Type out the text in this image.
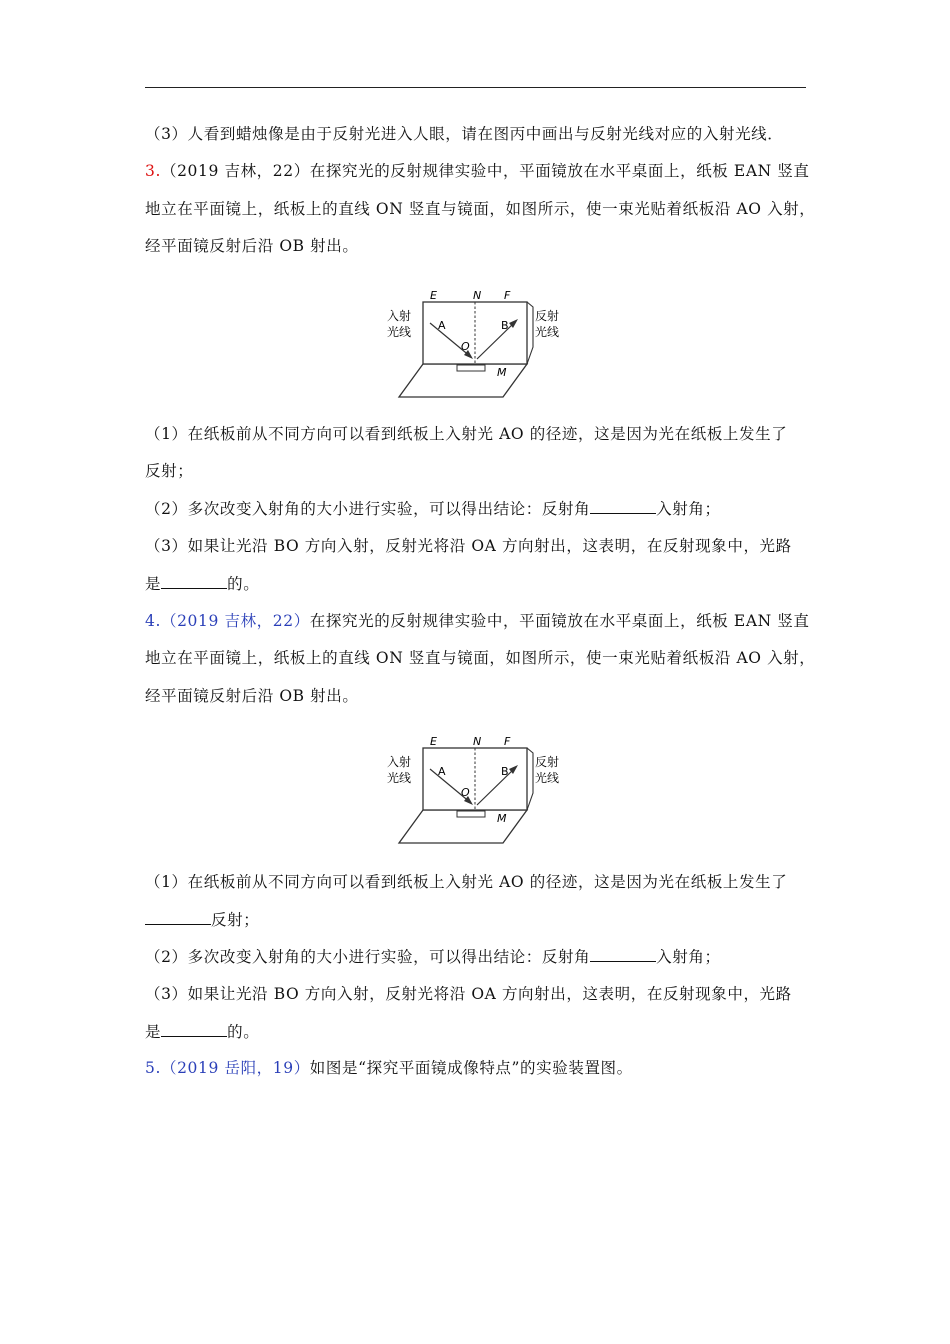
（3）人看到蜡烛像是由于反射光进入人眼，请在图丙中画出与反射光线对应的入射光线．
3.（2019 吉林，22）在探究光的反射规律实验中，平面镜放在水平桌面上，纸板 EAN 竖直
地立在平面镜上，纸板上的直线 ON 竖直与镜面，如图所示，使一束光贴着纸板沿 AO 入射，
经平面镜反射后沿 OB 射出。
E	N F
A	B
O
M
入射
光线
反射
光线
（1）在纸板前从不同方向可以看到纸板上入射光 AO 的径迹，这是因为光在纸板上发生了
反射；
（2）多次改变入射角的大小进行实验，可以得出结论：反射角	入射角；
（3）如果让光沿 BO 方向入射，反射光将沿 OA 方向射出，这表明，在反射现象中，光路
是	的。
4.（2019 吉林，22）在探究光的反射规律实验中，平面镜放在水平桌面上，纸板 EAN 竖直
地立在平面镜上，纸板上的直线 ON 竖直与镜面，如图所示，使一束光贴着纸板沿 AO 入射，
经平面镜反射后沿 OB 射出。
E	N F
A	B
O
M
入射
光线
反射
光线
（1）在纸板前从不同方向可以看到纸板上入射光 AO 的径迹，这是因为光在纸板上发生了
反射；
（2）多次改变入射角的大小进行实验，可以得出结论：反射角	入射角；
（3）如果让光沿 BO 方向入射，反射光将沿 OA 方向射出，这表明，在反射现象中，光路
是	的。
5.（2019 岳阳，19）如图是“探究平面镜成像特点”的实验装置图。
